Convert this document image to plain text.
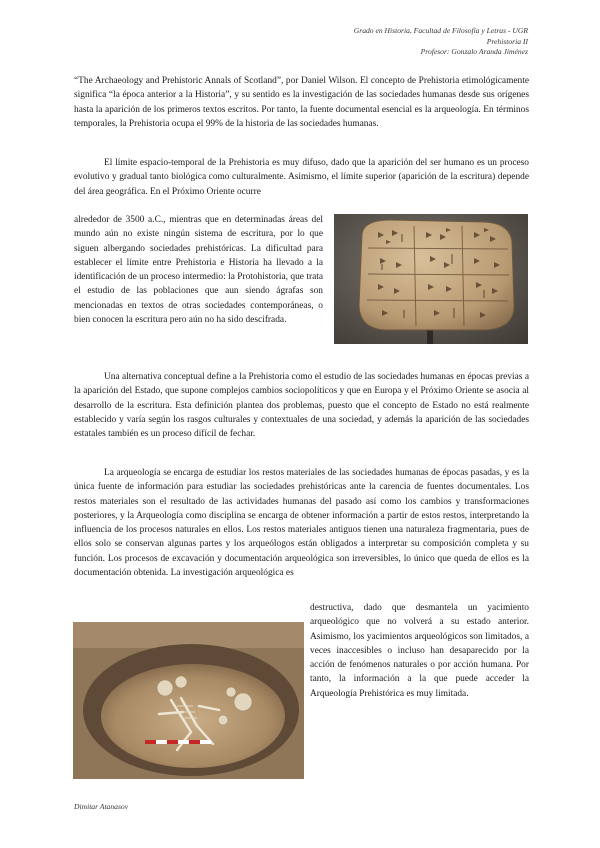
Grado en Historia, Facultad de Filosofía y Letras - UGR
Prehistoria II
Profesor: Gonzalo Aranda Jiménez

“The Archaeology and Prehistoric Annals of Scotland”, por Daniel Wilson. El concepto de Prehistoria etimológicamente significa “la época anterior a la Historia”, y su sentido es la investigación de las sociedades humanas desde sus orígenes hasta la aparición de los primeros textos escritos. Por tanto, la fuente documental esencial es la arqueología. En términos temporales, la Prehistoria ocupa el 99% de la historia de las sociedades humanas.

El límite espacio-temporal de la Prehistoria es muy difuso, dado que la aparición del ser humano es un proceso evolutivo y gradual tanto biológica como culturalmente. Asimismo, el límite superior (aparición de la escritura) depende del área geográfica. En el Próximo Oriente ocurre

alrededor de 3500 a.C., mientras que en determinadas áreas del mundo aún no existe ningún sistema de escritura, por lo que siguen albergando sociedades prehistóricas. La dificultad para establecer el límite entre Prehistoria e Historia ha llevado a la identificación de un proceso intermedio: la Protohistoria, que trata el estudio de las poblaciones que aun siendo ágrafas son mencionadas en textos de otras sociedades contemporáneas, o bien conocen la escritura pero aún no ha sido descifrada.

Una alternativa conceptual define a la Prehistoria como el estudio de las sociedades humanas en épocas previas a la aparición del Estado, que supone complejos cambios sociopolíticos y que en Europa y el Próximo Oriente se asocia al desarrollo de la escritura. Esta definición plantea dos problemas, puesto que el concepto de Estado no está realmente establecido y varía según los rasgos culturales y contextuales de una sociedad, y además la aparición de las sociedades estatales también es un proceso difícil de fechar.

La arqueología se encarga de estudiar los restos materiales de las sociedades humanas de épocas pasadas, y es la única fuente de información para estudiar las sociedades prehistóricas ante la carencia de fuentes documentales. Los restos materiales son el resultado de las actividades humanas del pasado así como los cambios y transformaciones posteriores, y la Arqueología como disciplina se encarga de obtener información a partir de estos restos, interpretando la influencia de los procesos naturales en ellos. Los restos materiales antiguos tienen una naturaleza fragmentaria, pues de ellos solo se conservan algunas partes y los arqueólogos están obligados a interpretar su composición completa y su función. Los procesos de excavación y documentación arqueológica son irreversibles, lo único que queda de ellos es la documentación obtenida. La investigación arqueológica es

destructiva, dado que desmantela un yacimiento arqueológico que no volverá a su estado anterior. Asimismo, los yacimientos arqueológicos son limitados, a veces inaccesibles o incluso han desaparecido por la acción de fenómenos naturales o por acción humana. Por tanto, la información a la que puede acceder la Arqueología Prehistórica es muy limitada.

Dimitar Atanasov
